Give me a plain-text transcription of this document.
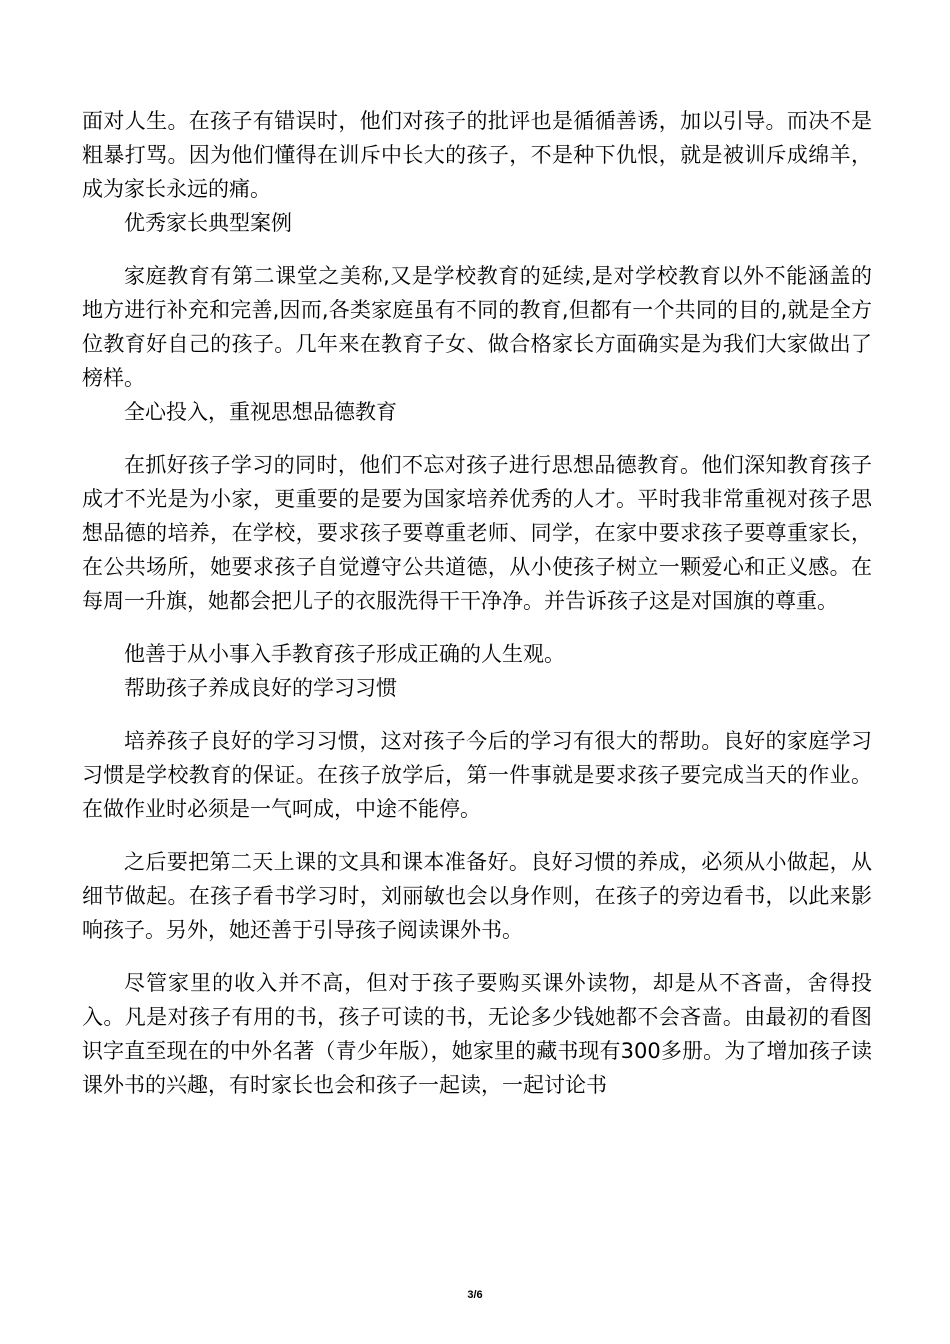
面对人生。在孩子有错误时，他们对孩子的批评也是循循善诱，加以引导。而决不是粗暴打骂。因为他们懂得在训斥中长大的孩子，不是种下仇恨，就是被训斥成绵羊，成为家长永远的痛。

优秀家长典型案例

家庭教育有第二课堂之美称,又是学校教育的延续,是对学校教育以外不能涵盖的地方进行补充和完善,因而,各类家庭虽有不同的教育,但都有一个共同的目的,就是全方位教育好自己的孩子。几年来在教育子女、做合格家长方面确实是为我们大家做出了榜样。

全心投入，重视思想品德教育

在抓好孩子学习的同时，他们不忘对孩子进行思想品德教育。他们深知教育孩子成才不光是为小家，更重要的是要为国家培养优秀的人才。平时我非常重视对孩子思想品德的培养，在学校，要求孩子要尊重老师、同学，在家中要求孩子要尊重家长，在公共场所，她要求孩子自觉遵守公共道德，从小使孩子树立一颗爱心和正义感。在每周一升旗，她都会把儿子的衣服洗得干干净净。并告诉孩子这是对国旗的尊重。

他善于从小事入手教育孩子形成正确的人生观。

帮助孩子养成良好的学习习惯

培养孩子良好的学习习惯，这对孩子今后的学习有很大的帮助。良好的家庭学习习惯是学校教育的保证。在孩子放学后，第一件事就是要求孩子要完成当天的作业。在做作业时必须是一气呵成，中途不能停。

之后要把第二天上课的文具和课本准备好。良好习惯的养成，必须从小做起，从细节做起。在孩子看书学习时，刘丽敏也会以身作则，在孩子的旁边看书，以此来影响孩子。另外，她还善于引导孩子阅读课外书。

尽管家里的收入并不高，但对于孩子要购买课外读物，却是从不吝啬，舍得投入。凡是对孩子有用的书，孩子可读的书，无论多少钱她都不会吝啬。由最初的看图识字直至现在的中外名著（青少年版），她家里的藏书现有300多册。为了增加孩子读课外书的兴趣，有时家长也会和孩子一起读，一起讨论书

3/6
